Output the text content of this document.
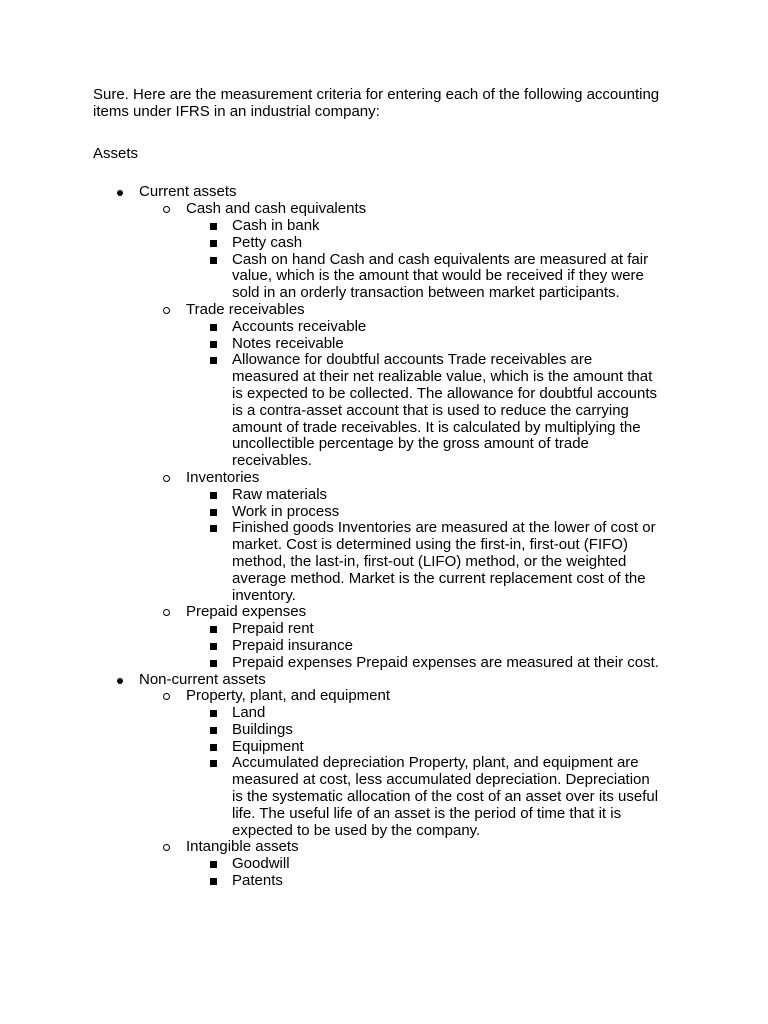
Sure. Here are the measurement criteria for entering each of the following accounting items under IFRS in an industrial company:

Assets

Current assets
Cash and cash equivalents
Cash in bank
Petty cash
Cash on hand Cash and cash equivalents are measured at fair value, which is the amount that would be received if they were sold in an orderly transaction between market participants.
Trade receivables
Accounts receivable
Notes receivable
Allowance for doubtful accounts Trade receivables are measured at their net realizable value, which is the amount that is expected to be collected. The allowance for doubtful accounts is a contra-asset account that is used to reduce the carrying amount of trade receivables. It is calculated by multiplying the uncollectible percentage by the gross amount of trade receivables.
Inventories
Raw materials
Work in process
Finished goods Inventories are measured at the lower of cost or market. Cost is determined using the first-in, first-out (FIFO) method, the last-in, first-out (LIFO) method, or the weighted average method. Market is the current replacement cost of the inventory.
Prepaid expenses
Prepaid rent
Prepaid insurance
Prepaid expenses Prepaid expenses are measured at their cost.
Non-current assets
Property, plant, and equipment
Land
Buildings
Equipment
Accumulated depreciation Property, plant, and equipment are measured at cost, less accumulated depreciation. Depreciation is the systematic allocation of the cost of an asset over its useful life. The useful life of an asset is the period of time that it is expected to be used by the company.
Intangible assets
Goodwill
Patents
